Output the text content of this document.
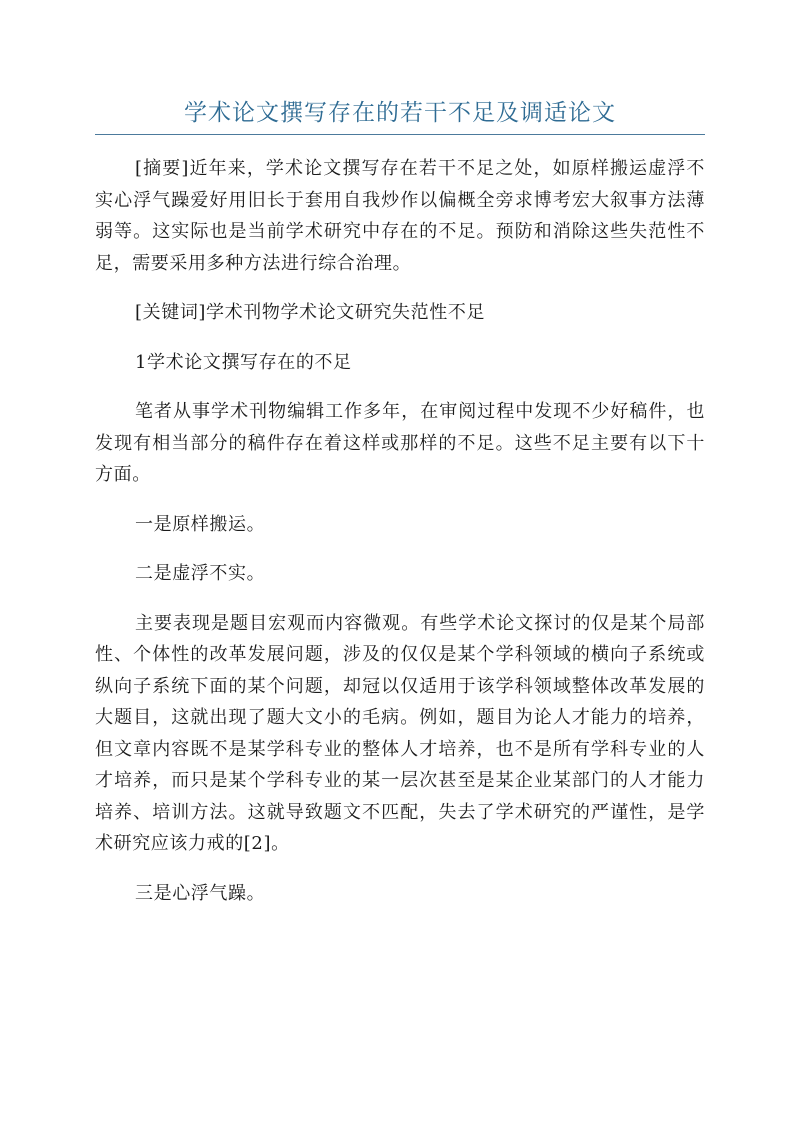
学术论文撰写存在的若干不足及调适论文

[摘要]近年来，学术论文撰写存在若干不足之处，如原样搬运虚浮不实心浮气躁爱好用旧长于套用自我炒作以偏概全旁求博考宏大叙事方法薄弱等。这实际也是当前学术研究中存在的不足。预防和消除这些失范性不足，需要采用多种方法进行综合治理。

[关键词]学术刊物学术论文研究失范性不足

1学术论文撰写存在的不足

笔者从事学术刊物编辑工作多年，在审阅过程中发现不少好稿件，也发现有相当部分的稿件存在着这样或那样的不足。这些不足主要有以下十方面。

一是原样搬运。

二是虚浮不实。

主要表现是题目宏观而内容微观。有些学术论文探讨的仅是某个局部性、个体性的改革发展问题，涉及的仅仅是某个学科领域的横向子系统或纵向子系统下面的某个问题，却冠以仅适用于该学科领域整体改革发展的大题目，这就出现了题大文小的毛病。例如，题目为论人才能力的培养，但文章内容既不是某学科专业的整体人才培养，也不是所有学科专业的人才培养，而只是某个学科专业的某一层次甚至是某企业某部门的人才能力培养、培训方法。这就导致题文不匹配，失去了学术研究的严谨性，是学术研究应该力戒的[2]。

三是心浮气躁。
